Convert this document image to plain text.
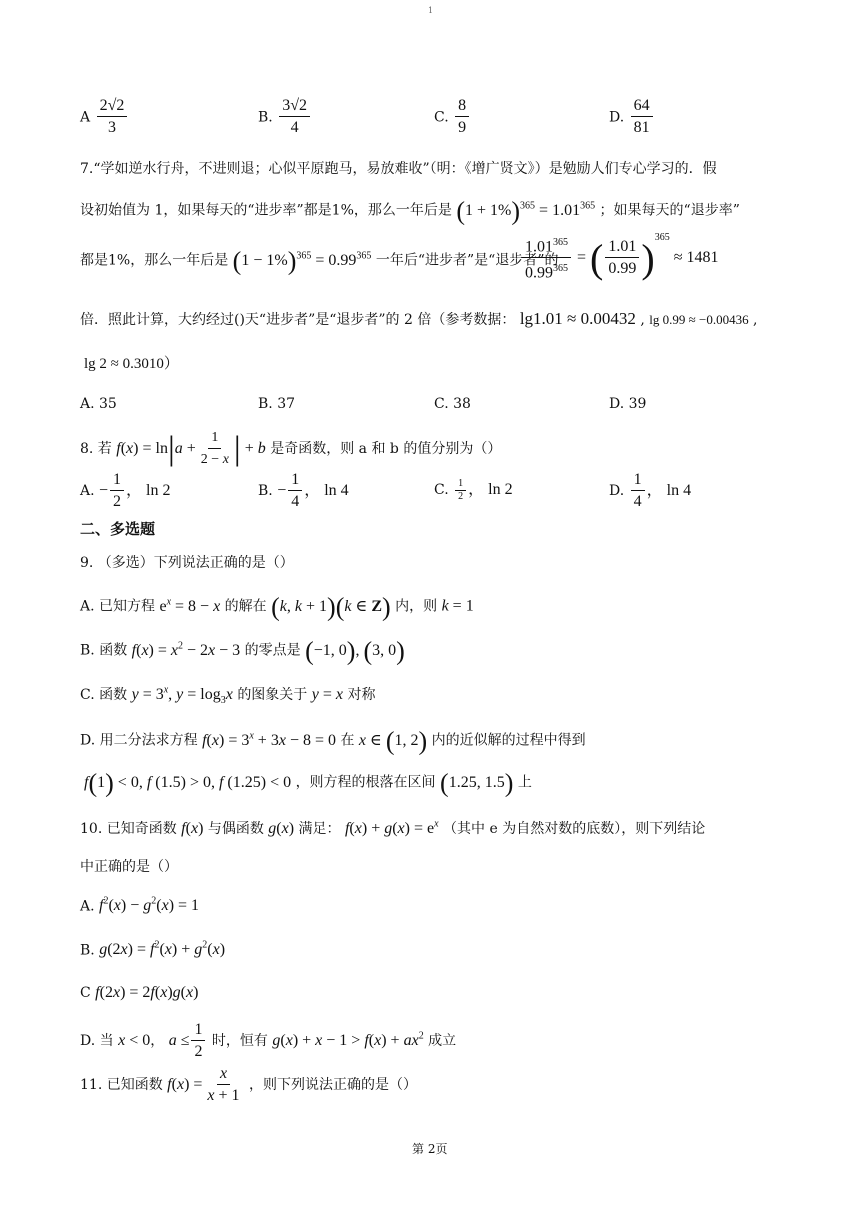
1
A $\frac{2√2}{3}$	B. $\frac{3√2}{4}$	C. $\frac{8}{9}$	D. $\frac{64}{81}$
7.“学如逆水行舟，不进则退；心似平原跑马，易放难收”（明：《增广贤文》）是勉励人们专心学习的．假
设初始值为 1，如果每天的“进步率”都是1%，那么一年后是 $(1 + 1\%)^{365} = 1.01^{365}$ ；如果每天的“退步率”
都是1%，那么一年后是 $(1 - 1\%)^{365} = 0.99^{365}$ 一年后“进步者”是“退步者”的
$\frac{1.01^{365}}{0.99^{365}}$ = ( $\frac{1.01}{0.99} )^{365} \approx 1481$
倍．照此计算，大约经过()天“进步者”是“退步者”的 2 倍（参考数据： lg1.01 ≈ 0.00432 , lg 0.99 ≈ −0.00436 ,
lg 2 ≈ 0.3010）
A. 35	B. 37	C. 38	D. 39
8. 若 $f(x) = \ln|a + \frac{1}{2 - x}$ | + b 是奇函数，则 a 和 b 的值分别为（）
A. − $\frac{1}{2}$ ， ln 2	B. − $\frac{1}{4}$ ， ln 4	C. $\frac{1}{2}$ ， ln 2	D. $\frac{1}{4}$ ， ln 4
二、多选题
9. （多选）下列说法正确的是（）
A. 已知方程 $e^x = 8 - x$ 的解在 (k, k + 1)(k ∈ Z) 内，则 k = 1
B. 函数 $f(x) = x^2 - 2x - 3$ 的零点是 (−1, 0), (3, 0)
C. 函数 $y = 3^x$, $y = \log_3x$ 的图象关于 y = x 对称
D. 用二分法求方程 $f(x) = 3^x + 3x - 8 = 0$ 在 x ∈ (1, 2) 内的近似解的过程中得到
f(1) < 0, f (1.5) > 0, f (1.25) < 0 ，则方程的根落在区间 (1.25, 1.5) 上
10. 已知奇函数 f(x) 与偶函数 g(x) 满足： $f(x) + g(x) = e^x$ （其中 e 为自然对数的底数），则下列结论
中正确的是（）
A. $f^2(x) - g^2(x) = 1$
B. $g(2x) = f^2(x) + g^2(x)$
C f(2x) = 2f(x)g(x)
D. 当 x < 0， $a \le \frac{1}{2}$ 时，恒有 $g(x) + x - 1 > f(x) + ax^2$ 成立
11. 已知函数 $f(x) = \frac{x}{x + 1}$ ，则下列说法正确的是（）
第 2页
